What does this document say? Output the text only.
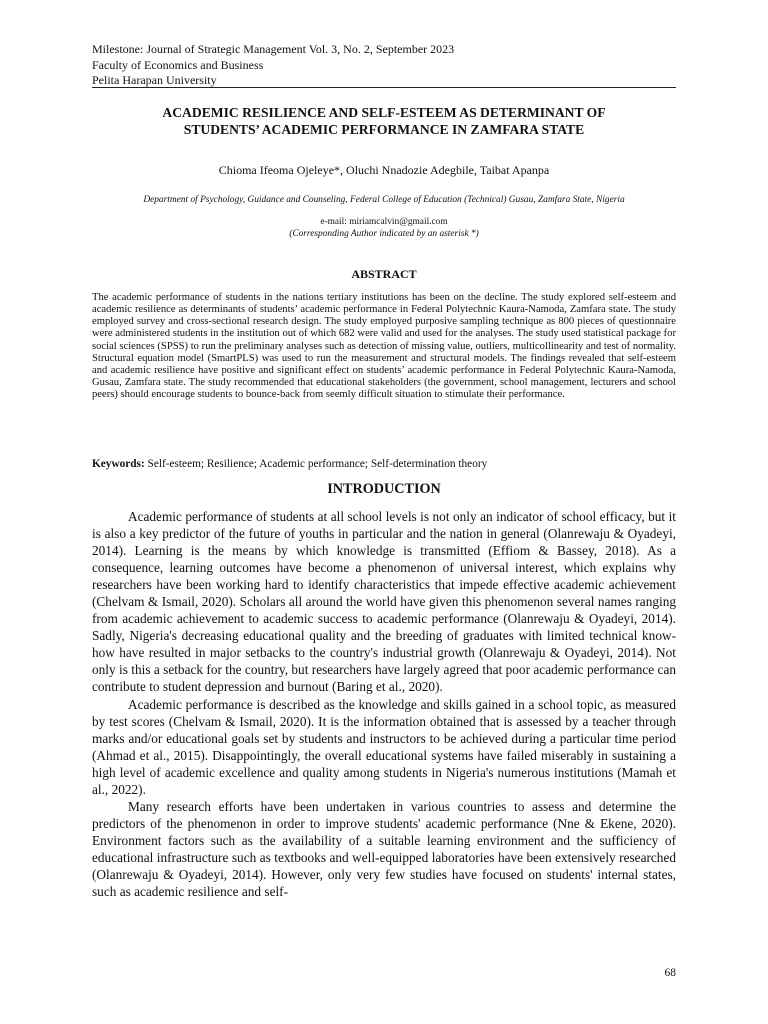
Milestone: Journal of Strategic Management Vol. 3, No. 2, September 2023
Faculty of Economics and Business
Pelita Harapan University
ACADEMIC RESILIENCE AND SELF-ESTEEM AS DETERMINANT OF
STUDENTS’ ACADEMIC PERFORMANCE IN ZAMFARA STATE
Chioma Ifeoma Ojeleye*, Oluchi Nnadozie Adegbile, Taibat Apanpa
Department of Psychology, Guidance and Counseling, Federal College of Education (Technical) Gusau, Zamfara State, Nigeria
e-mail: miriamcalvin@gmail.com
(Corresponding Author indicated by an asterisk *)
ABSTRACT
The academic performance of students in the nations tertiary institutions has been on the decline. The study explored self-esteem and academic resilience as determinants of students’ academic performance in Federal Polytechnic Kaura-Namoda, Zamfara state. The study employed survey and cross-sectional research design. The study employed purposive sampling technique as 800 pieces of questionnaire were administered students in the institution out of which 682 were valid and used for the analyses. The study used statistical package for social sciences (SPSS) to run the preliminary analyses such as detection of missing value, outliers, multicollinearity and test of normality. Structural equation model (SmartPLS) was used to run the measurement and structural models. The findings revealed that self-esteem and academic resilience have positive and significant effect on students’ academic performance in Federal Polytechnic Kaura-Namoda, Gusau, Zamfara state. The study recommended that educational stakeholders (the government, school management, lecturers and school peers) should encourage students to bounce-back from seemly difficult situation to stimulate their performance.
Keywords: Self-esteem; Resilience; Academic performance; Self-determination theory
INTRODUCTION

Academic performance of students at all school levels is not only an indicator of school efficacy, but it is also a key predictor of the future of youths in particular and the nation in general (Olanrewaju & Oyadeyi, 2014). Learning is the means by which knowledge is transmitted (Effiom & Bassey, 2018). As a consequence, learning outcomes have become a phenomenon of universal interest, which explains why researchers have been working hard to identify characteristics that impede effective academic achievement (Chelvam & Ismail, 2020). Scholars all around the world have given this phenomenon several names ranging from academic achievement to academic success to academic performance (Olanrewaju & Oyadeyi, 2014). Sadly, Nigeria's decreasing educational quality and the breeding of graduates with limited technical know-how have resulted in major setbacks to the country's industrial growth (Olanrewaju & Oyadeyi, 2014). Not only is this a setback for the country, but researchers have largely agreed that poor academic performance can contribute to student depression and burnout (Baring et al., 2020).

Academic performance is described as the knowledge and skills gained in a school topic, as measured by test scores (Chelvam & Ismail, 2020). It is the information obtained that is assessed by a teacher through marks and/or educational goals set by students and instructors to be achieved during a particular time period (Ahmad et al., 2015). Disappointingly, the overall educational systems have failed miserably in sustaining a high level of academic excellence and quality among students in Nigeria's numerous institutions (Mamah et al., 2022).

Many research efforts have been undertaken in various countries to assess and determine the predictors of the phenomenon in order to improve students' academic performance (Nne & Ekene, 2020). Environment factors such as the availability of a suitable learning environment and the sufficiency of educational infrastructure such as textbooks and well-equipped laboratories have been extensively researched (Olanrewaju & Oyadeyi, 2014). However, only very few studies have focused on students' internal states, such as academic resilience and self-

68
